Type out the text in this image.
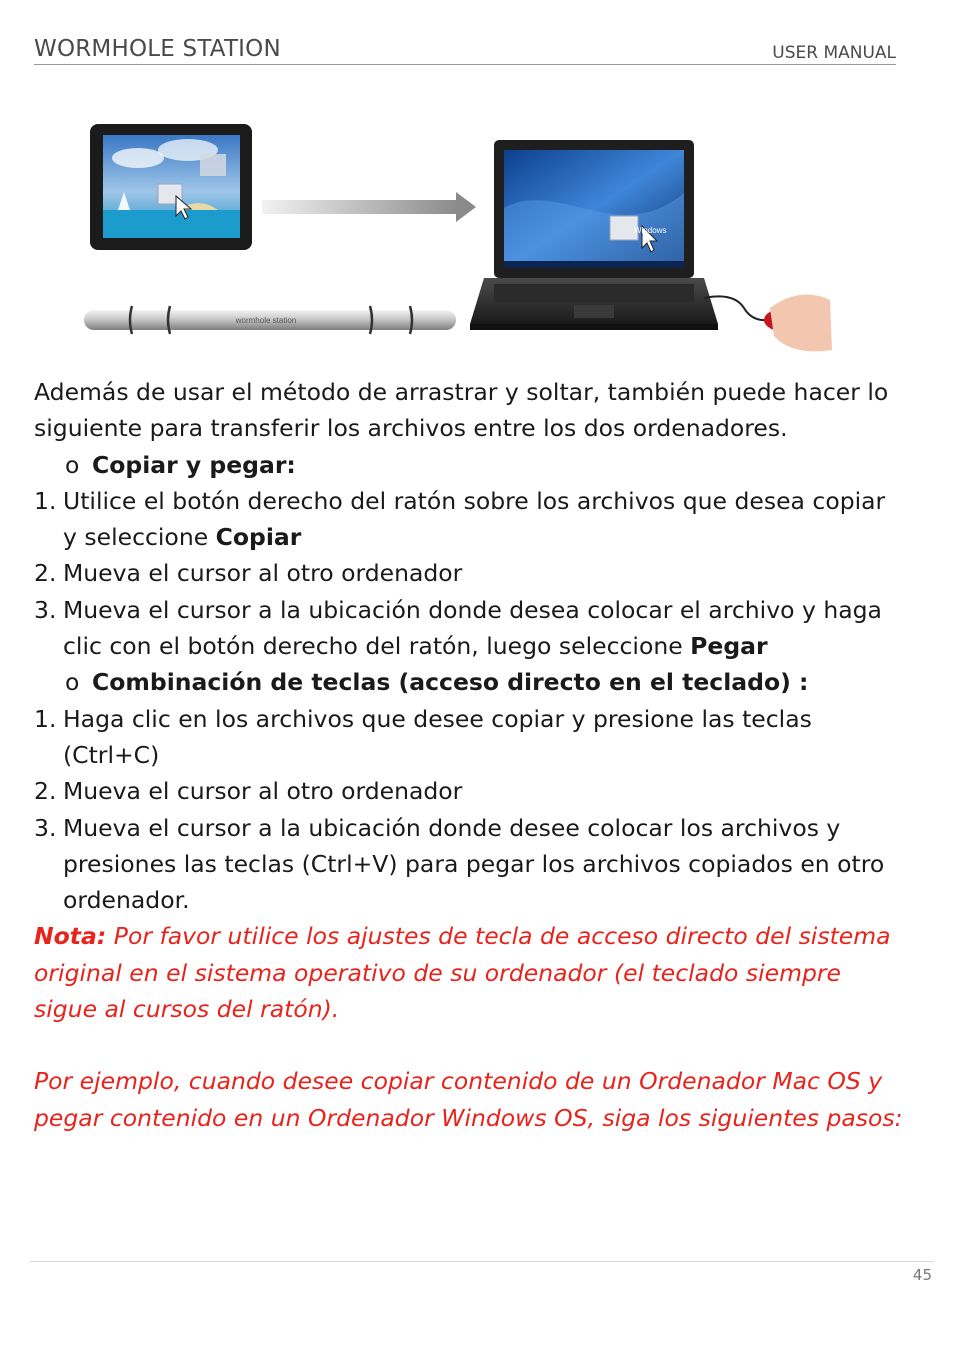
WORMHOLE STATION	USER MANUAL
Windows
wormhole station

Además de usar el método de arrastrar y soltar, también puede hacer lo siguiente para transferir los archivos entre los dos ordenadores.

o Copiar y pegar:

1. Utilice el botón derecho del ratón sobre los archivos que desea copiar y seleccione Copiar

2. Mueva el cursor al otro ordenador

3. Mueva el cursor a la ubicación donde desea colocar el archivo y haga clic con el botón derecho del ratón, luego seleccione Pegar

o Combinación de teclas (acceso directo en el teclado) :

1. Haga clic en los archivos que desee copiar y presione las teclas (Ctrl+C)

2. Mueva el cursor al otro ordenador

3. Mueva el cursor a la ubicación donde desee colocar los archivos y presiones las teclas (Ctrl+V) para pegar los archivos copiados en otro ordenador.

Nota: Por favor utilice los ajustes de tecla de acceso directo del sistema original en el sistema operativo de su ordenador (el teclado siempre sigue al cursos del ratón).

Por ejemplo, cuando desee copiar contenido de un Ordenador Mac OS y pegar contenido en un Ordenador Windows OS, siga los siguientes pasos:

45
